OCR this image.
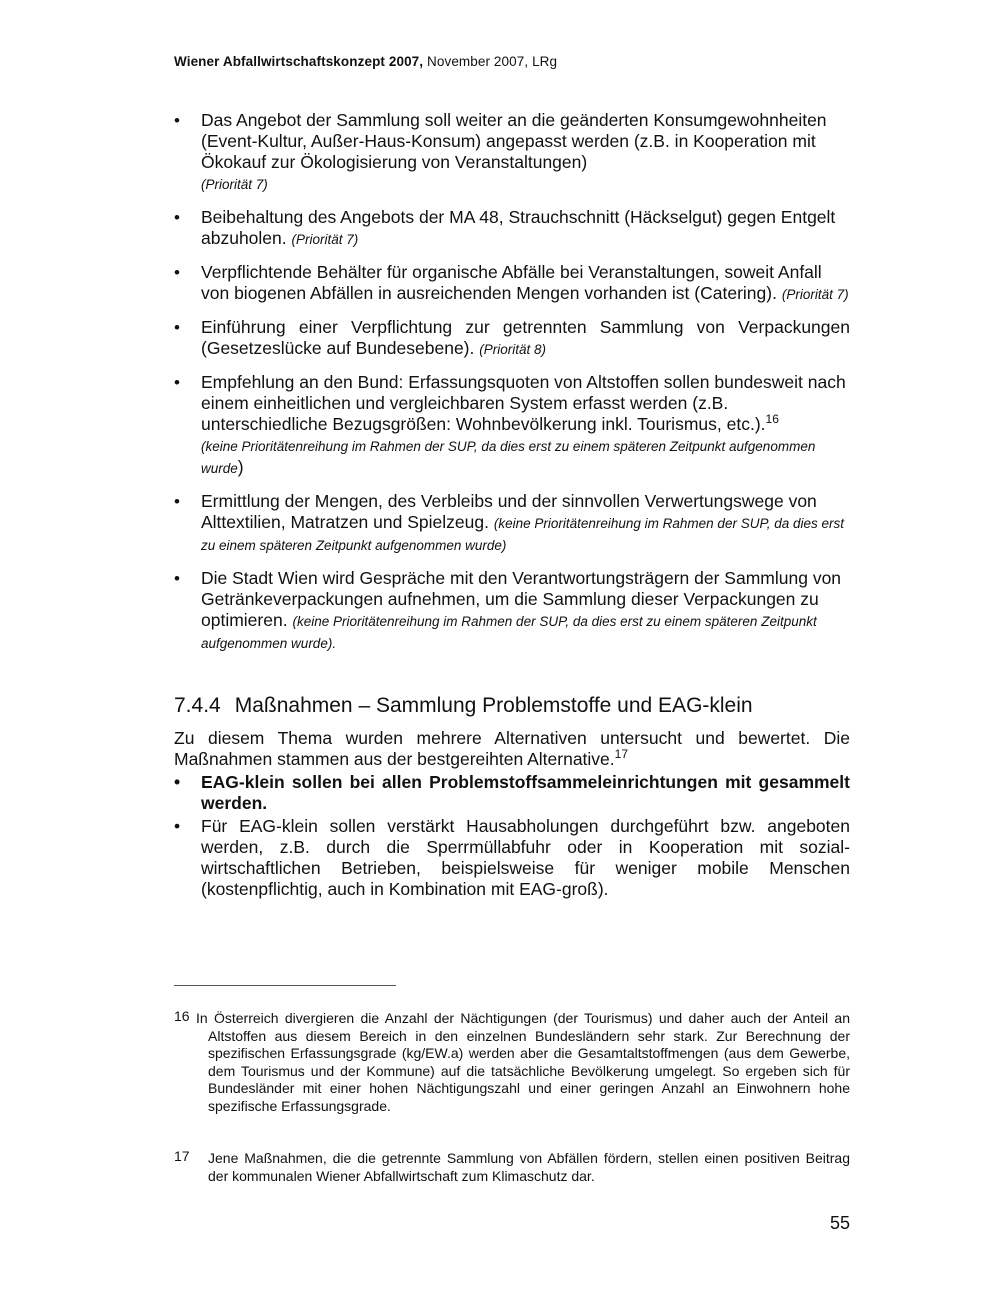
Wiener Abfallwirtschaftskonzept 2007, November 2007, LRg
• Das Angebot der Sammlung soll weiter an die geänderten Konsumgewohnheiten (Event-Kultur, Außer-Haus-Konsum) angepasst werden (z.B. in Kooperation mit Ökokauf zur Ökologisierung von Veranstaltungen)
(Priorität 7)
• Beibehaltung des Angebots der MA 48, Strauchschnitt (Häckselgut) gegen Entgelt abzuholen. (Priorität 7)
• Verpflichtende Behälter für organische Abfälle bei Veranstaltungen, soweit Anfall von biogenen Abfällen in ausreichenden Mengen vorhanden ist (Catering). (Priorität 7)
• Einführung einer Verpflichtung zur getrennten Sammlung von Verpackungen (Gesetzeslücke auf Bundesebene). (Priorität 8)
• Empfehlung an den Bund: Erfassungsquoten von Altstoffen sollen bundesweit nach einem einheitlichen und vergleichbaren System erfasst werden (z.B. unterschiedliche Bezugsgrößen: Wohnbevölkerung inkl. Tourismus, etc.).$^{16}$
(keine Prioritätenreihung im Rahmen der SUP, da dies erst zu einem späteren Zeitpunkt aufgenommen wurde)
• Ermittlung der Mengen, des Verbleibs und der sinnvollen Verwertungswege von Alttextilien, Matratzen und Spielzeug. (keine Prioritätenreihung im Rahmen der SUP, da dies erst zu einem späteren Zeitpunkt aufgenommen wurde)
• Die Stadt Wien wird Gespräche mit den Verantwortungsträgern der Sammlung von Getränkeverpackungen aufnehmen, um die Sammlung dieser Verpackungen zu optimieren. (keine Prioritätenreihung im Rahmen der SUP, da dies erst zu einem späteren Zeitpunkt aufgenommen wurde).
7.4.4 Maßnahmen – Sammlung Problemstoffe und EAG-klein

Zu diesem Thema wurden mehrere Alternativen untersucht und bewertet. Die Maßnahmen stammen aus der bestgereihten Alternative.$^{17}$

• EAG-klein sollen bei allen Problemstoffsammeleinrichtungen mit gesammelt werden.
• Für EAG-klein sollen verstärkt Hausabholungen durchgeführt bzw. angeboten werden, z.B. durch die Sperrmüllabfuhr oder in Kooperation mit sozial-wirtschaftlichen Betrieben, beispielsweise für weniger mobile Menschen (kostenpflichtig, auch in Kombination mit EAG-groß).
16 In Österreich divergieren die Anzahl der Nächtigungen (der Tourismus) und daher auch der Anteil an Altstoffen aus diesem Bereich in den einzelnen Bundesländern sehr stark. Zur Berechnung der spezifischen Erfassungsgrade (kg/EW.a) werden aber die Gesamtaltstoffmengen (aus dem Gewerbe, dem Tourismus und der Kommune) auf die tatsächliche Bevölkerung umgelegt. So ergeben sich für Bundesländer mit einer hohen Nächtigungszahl und einer geringen Anzahl an Einwohnern hohe spezifische Erfassungsgrade.
17 Jene Maßnahmen, die die getrennte Sammlung von Abfällen fördern, stellen einen positiven Beitrag der kommunalen Wiener Abfallwirtschaft zum Klimaschutz dar.
55
